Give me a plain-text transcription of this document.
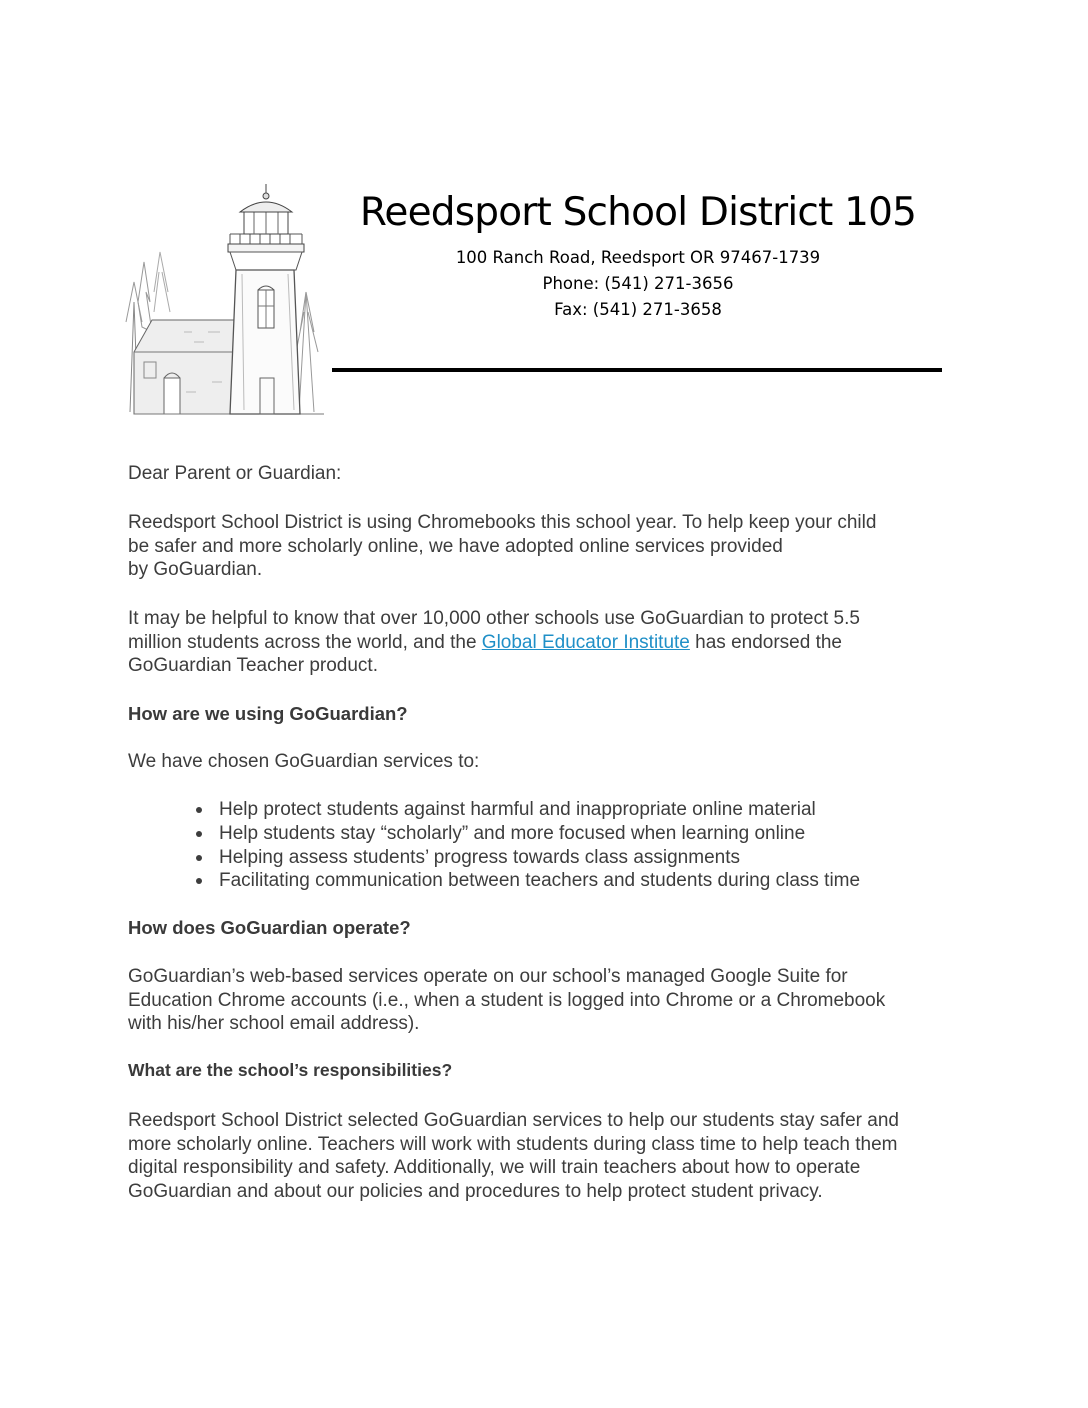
Reedsport School District 105
100 Ranch Road, Reedsport OR 97467-1739
Phone: (541) 271-3656
Fax: (541) 271-3658
Dear Parent or Guardian:
Reedsport School District is using Chromebooks this school year. To help keep your child
be safer and more scholarly online, we have adopted online services provided
by GoGuardian.
It may be helpful to know that over 10,000 other schools use GoGuardian to protect 5.5
million students across the world, and the Global Educator Institute has endorsed the
GoGuardian Teacher product.
How are we using GoGuardian?
We have chosen GoGuardian services to:
Help protect students against harmful and inappropriate online material
Help students stay “scholarly” and more focused when learning online
Helping assess students’ progress towards class assignments
Facilitating communication between teachers and students during class time
How does GoGuardian operate?
GoGuardian’s web-based services operate on our school’s managed Google Suite for
Education Chrome accounts (i.e., when a student is logged into Chrome or a Chromebook
with his/her school email address).
What are the school’s responsibilities?
Reedsport School District selected GoGuardian services to help our students stay safer and
more scholarly online. Teachers will work with students during class time to help teach them
digital responsibility and safety. Additionally, we will train teachers about how to operate
GoGuardian and about our policies and procedures to help protect student privacy.
